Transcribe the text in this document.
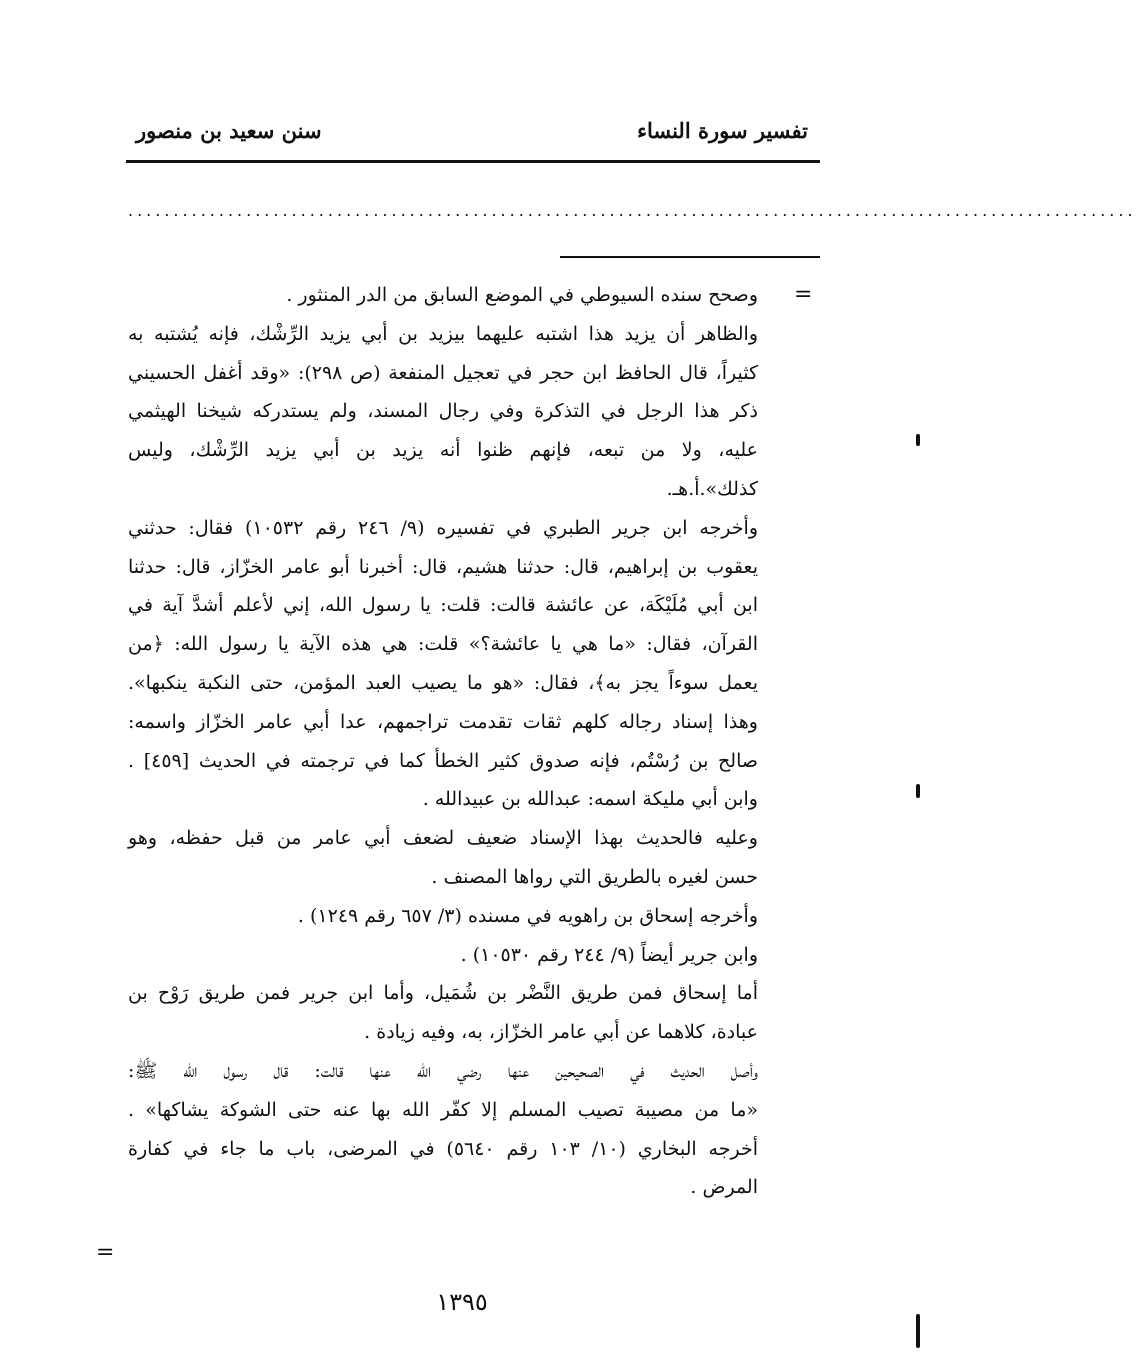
تفسير سورة النساء
سنن سعيد بن منصور
...............................................................................................................
=
وصحح سنده السيوطي في الموضع السابق من الدر المنثور .
والظاهر أن يزيد هذا اشتبه عليهما بيزيد بن أبي يزيد الرِّشْك، فإنه يُشتبه به
كثيراً، قال الحافظ ابن حجر في تعجيل المنفعة (ص ٢٩٨): «وقد أغفل الحسيني
ذكر هذا الرجل في التذكرة وفي رجال المسند، ولم يستدركه شيخنا الهيثمي
عليه، ولا من تبعه، فإنهم ظنوا أنه يزيد بن أبي يزيد الرِّشْك، وليس
كذلك».أ.هـ.
وأخرجه ابن جرير الطبري في تفسيره (٩/ ٢٤٦ رقم ١٠٥٣٢) فقال: حدثني
يعقوب بن إبراهيم، قال: حدثنا هشيم، قال: أخبرنا أبو عامر الخزّاز، قال: حدثنا
ابن أبي مُلَيْكَة، عن عائشة قالت: قلت: يا رسول الله، إني لأعلم أشدَّ آية في
القرآن، فقال: «ما هي يا عائشة؟» قلت: هي هذه الآية يا رسول الله: ﴿من
يعمل سوءاً يجز به﴾، فقال: «هو ما يصيب العبد المؤمن، حتى النكبة ينكبها».
وهذا إسناد رجاله كلهم ثقات تقدمت تراجمهم، عدا أبي عامر الخزّاز واسمه:
صالح بن رُسْتُم، فإنه صدوق كثير الخطأ كما في ترجمته في الحديث [٤٥٩] .
وابن أبي مليكة اسمه: عبدالله بن عبيدالله .
وعليه فالحديث بهذا الإسناد ضعيف لضعف أبي عامر من قبل حفظه، وهو
حسن لغيره بالطريق التي رواها المصنف .
وأخرجه إسحاق بن راهويه في مسنده (٣/ ٦٥٧ رقم ١٢٤٩) .
وابن جرير أيضاً (٩/ ٢٤٤ رقم ١٠٥٣٠) .
أما إسحاق فمن طريق النَّضْر بن شُمَيل، وأما ابن جرير فمن طريق رَوْح بن
عبادة، كلاهما عن أبي عامر الخزّاز، به، وفيه زيادة .
وأصل الحديث في الصحيحين عنها رضي الله عنها قالت: قال رسول الله ﷺ:
«ما من مصيبة تصيب المسلم إلا كفّر الله بها عنه حتى الشوكة يشاكها» .
أخرجه البخاري (١٠/ ١٠٣ رقم ٥٦٤٠) في المرضى، باب ما جاء في كفارة
المرض .
=
١٣٩٥
